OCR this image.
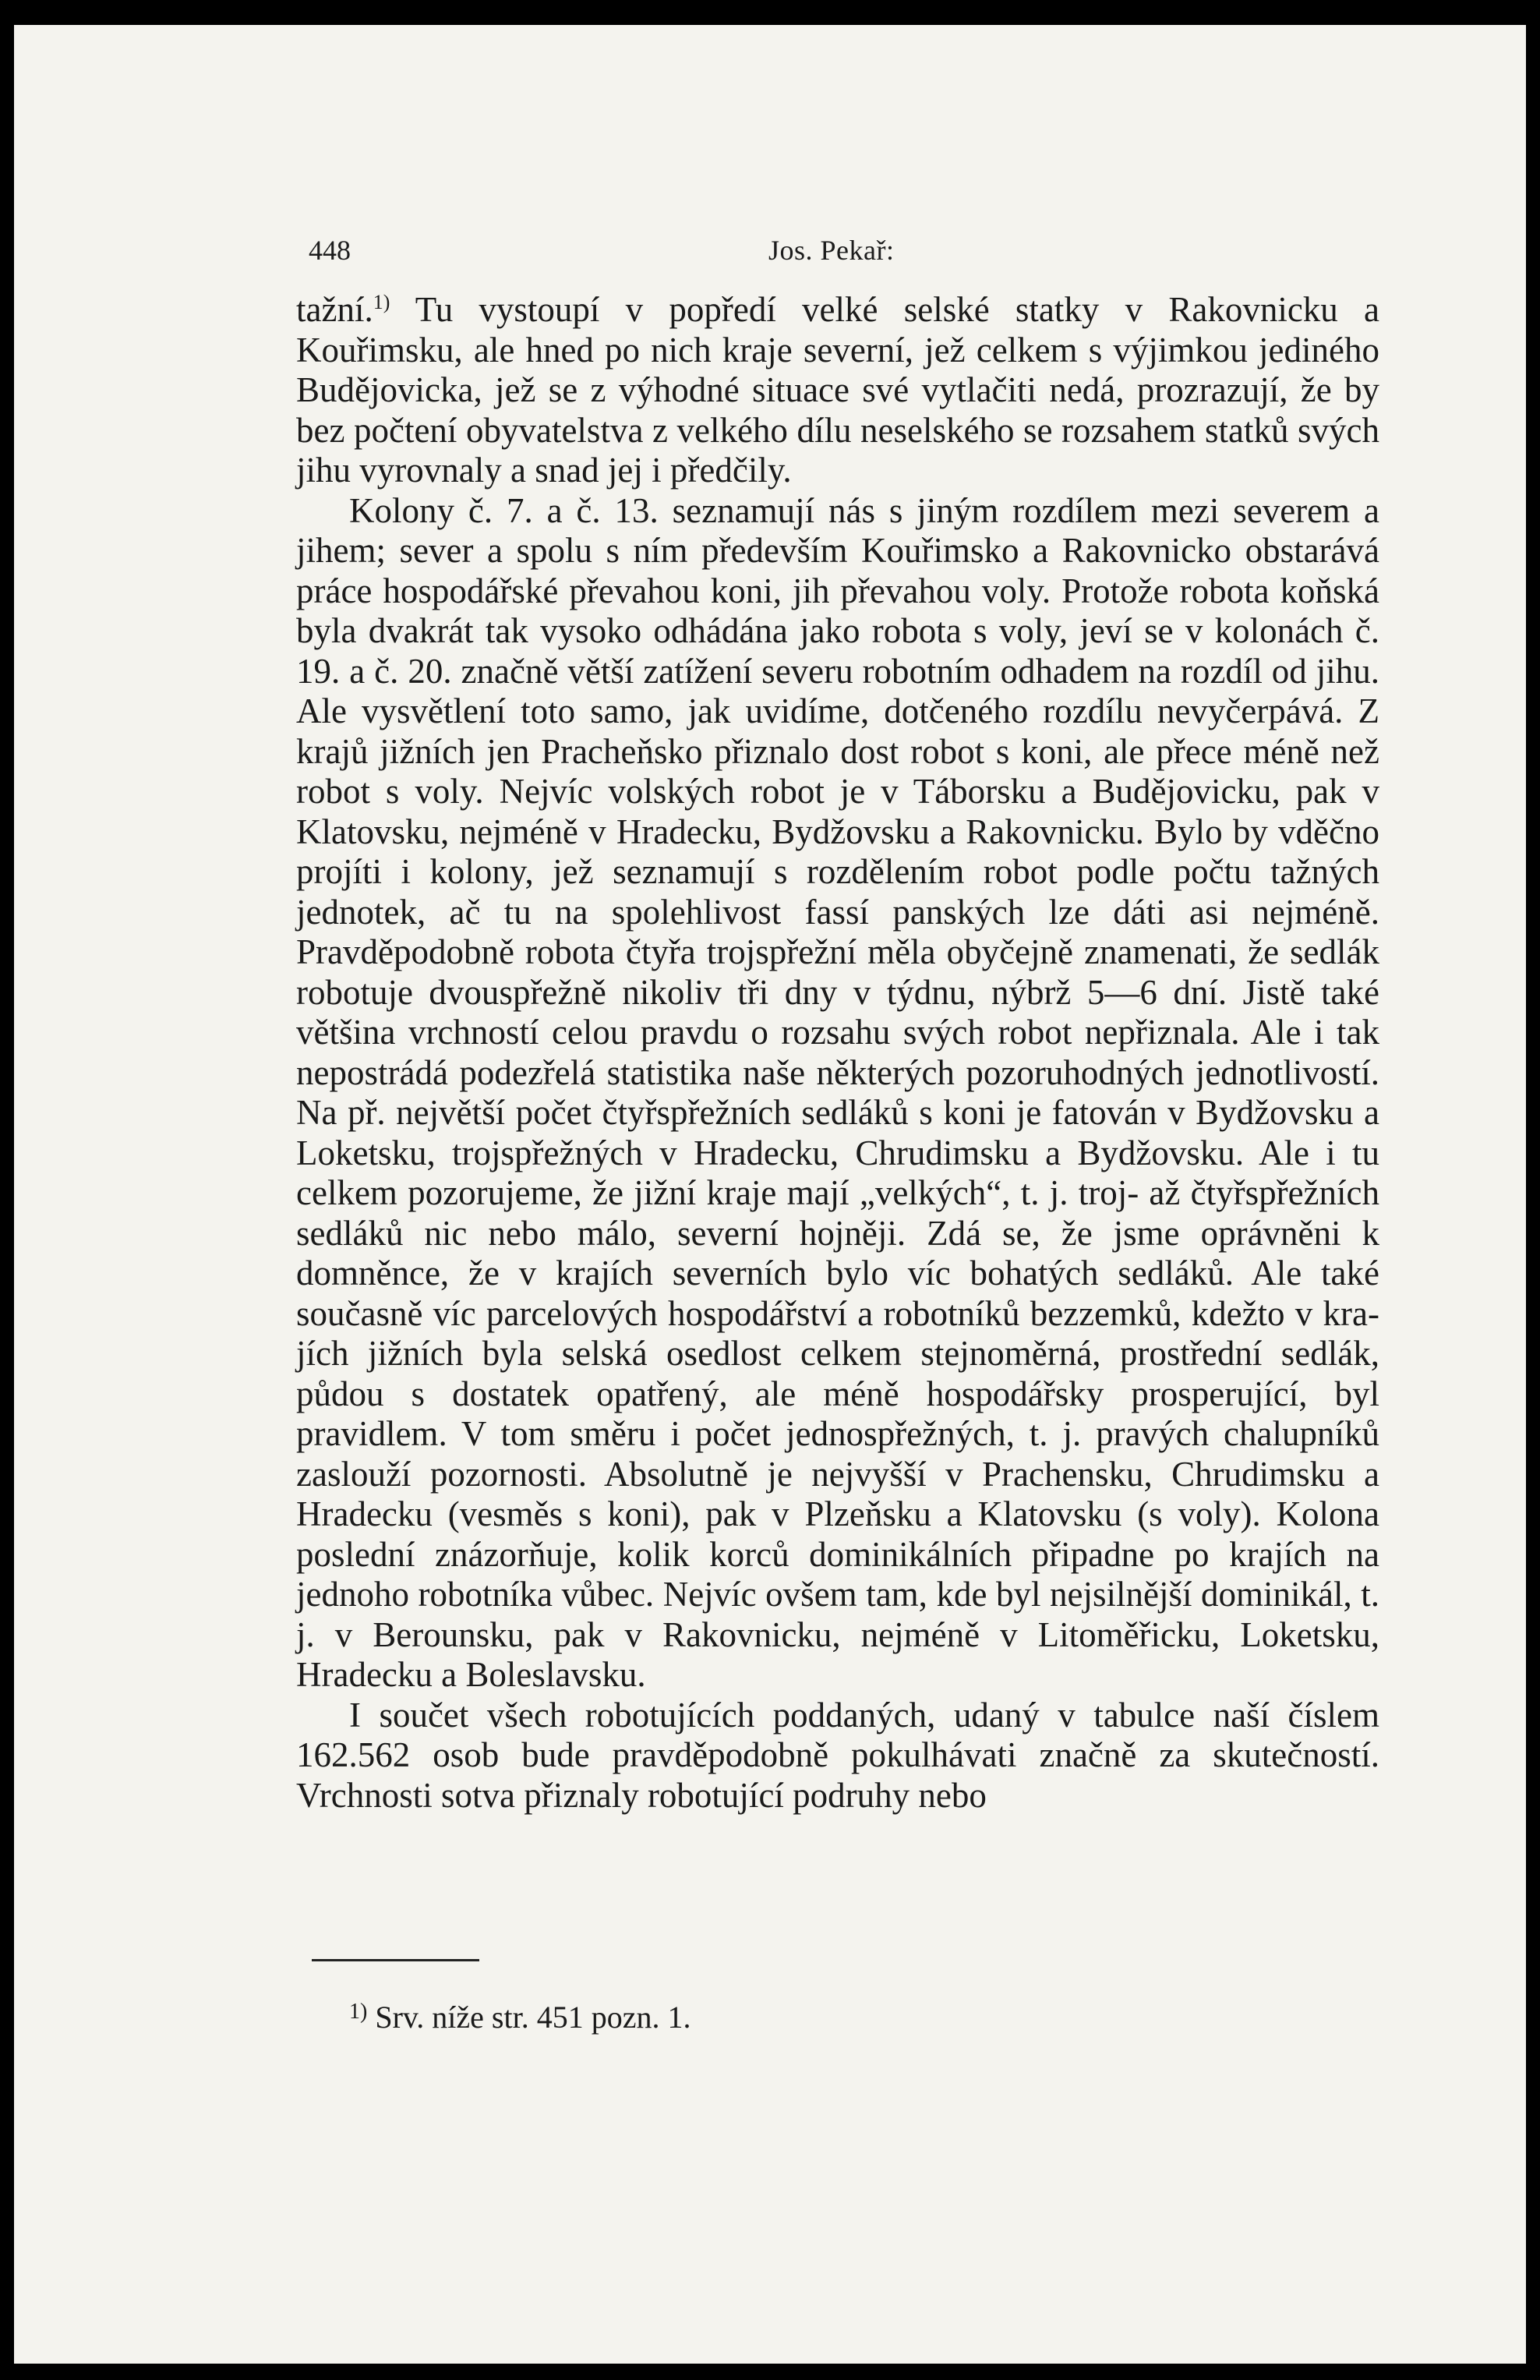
448	Jos. Pekař:

tažní.$^{1)}$ Tu vystoupí v popředí velké selské statky v Rakovnicku a Kouřimsku, ale hned po nich kraje severní, jež celkem s výjimkou jediného Budějovicka, jež se z výhodné situace své vytlačiti nedá, prozrazují, že by bez počtení obyvatelstva z velkého dílu neselského se rozsahem statků svých jihu vyrovnaly a snad jej i předčily.

Kolony č. 7. a č. 13. seznamují nás s jiným rozdílem mezi severem a jihem; sever a spolu s ním především Kouřimsko a Rakovnicko obstarává práce hospodářské převahou koni, jih převahou voly. Protože robota koňská byla dvakrát tak vysoko odhádána jako robota s voly, jeví se v kolonách č. 19. a č. 20. značně větší zatížení severu robotním odhadem na rozdíl od jihu. Ale vysvětlení toto samo, jak uvidíme, dotčeného rozdílu nevyčerpává. Z krajů jižních jen Pracheňsko přiznalo dost robot s koni, ale přece méně než robot s voly. Nejvíc volských robot je v Táborsku a Budějovicku, pak v Klatovsku, nejméně v Hradecku, Bydžovsku a Rakovnicku. Bylo by vděčno projíti i kolony, jež seznamují s rozdělením robot podle počtu tažných jednotek, ač tu na spolehlivost fassí panských lze dáti asi nejméně. Pravděpodobně robota čtyřa trojspřežní měla obyčejně znamenati, že sedlák robotuje dvouspřežně nikoliv tři dny v týdnu, nýbrž 5—6 dní. Jistě také většina vrchností celou pravdu o rozsahu svých robot nepřiznala. Ale i tak nepostrádá podezřelá statistika naše některých pozoruhodných jednotlivostí. Na př. největší počet čtyřspřežních sedláků s koni je fatován v Bydžovsku a Loketsku, trojspřežných v Hradecku, Chrudimsku a Bydžovsku. Ale i tu celkem pozorujeme, že jižní kraje mají „velkých“, t. j. troj- až čtyřspřežních sedláků nic nebo málo, severní hojněji. Zdá se, že jsme oprávněni k domněnce, že v krajích severních bylo víc bohatých sedláků. Ale také současně víc parcelových hospodářství a robotníků bezzemků, kdežto v krajích jižních byla selská osedlost celkem stejnoměrná, prostřední sedlák, půdou s dostatek opatřený, ale méně hospodářsky prosperující, byl pravidlem. V tom směru i počet jednospřežných, t. j. pravých chalupníků zaslouží pozornosti. Absolutně je nejvyšší v Prachensku, Chrudimsku a Hradecku (vesměs s koni), pak v Plzeňsku a Klatovsku (s voly). Kolona poslední znázorňuje, kolik korců dominikálních připadne po krajích na jednoho robotníka vůbec. Nejvíc ovšem tam, kde byl nejsilnější dominikál, t. j. v Berounsku, pak v Rakovnicku, nejméně v Litoměřicku, Loketsku, Hradecku a Boleslavsku.

I součet všech robotujících poddaných, udaný v tabulce naší číslem 162.562 osob bude pravděpodobně pokulhávati značně za skutečností. Vrchnosti sotva přiznaly robotující podruhy nebo

$^{1)}$ Srv. níže str. 451 pozn. 1.
